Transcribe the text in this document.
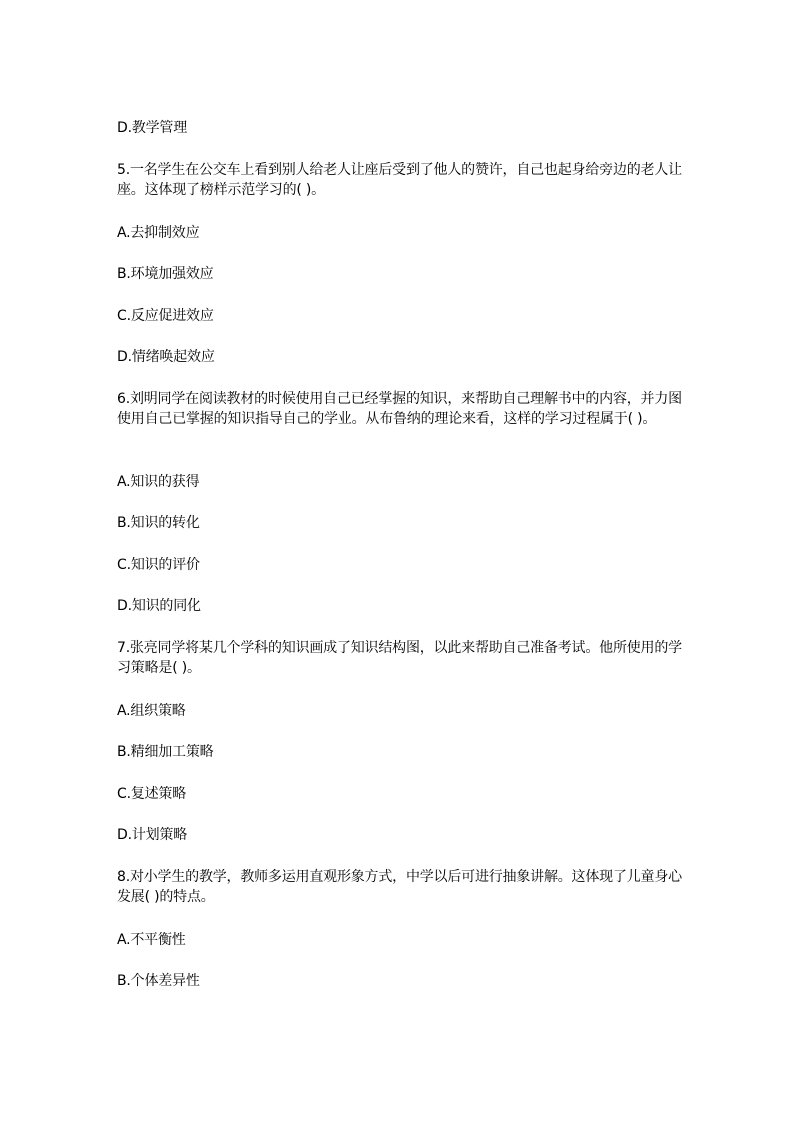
D.教学管理

5.一名学生在公交车上看到别人给老人让座后受到了他人的赞许，自己也起身给旁边的老人让座。这体现了榜样示范学习的( )。

A.去抑制效应

B.环境加强效应

C.反应促进效应

D.情绪唤起效应

6.刘明同学在阅读教材的时候使用自己已经掌握的知识，来帮助自己理解书中的内容，并力图使用自己已掌握的知识指导自己的学业。从布鲁纳的理论来看，这样的学习过程属于( )。

A.知识的获得

B.知识的转化

C.知识的评价

D.知识的同化

7.张亮同学将某几个学科的知识画成了知识结构图，以此来帮助自己准备考试。他所使用的学习策略是( )。

A.组织策略

B.精细加工策略

C.复述策略

D.计划策略

8.对小学生的教学，教师多运用直观形象方式，中学以后可进行抽象讲解。这体现了儿童身心发展( )的特点。

A.不平衡性

B.个体差异性
